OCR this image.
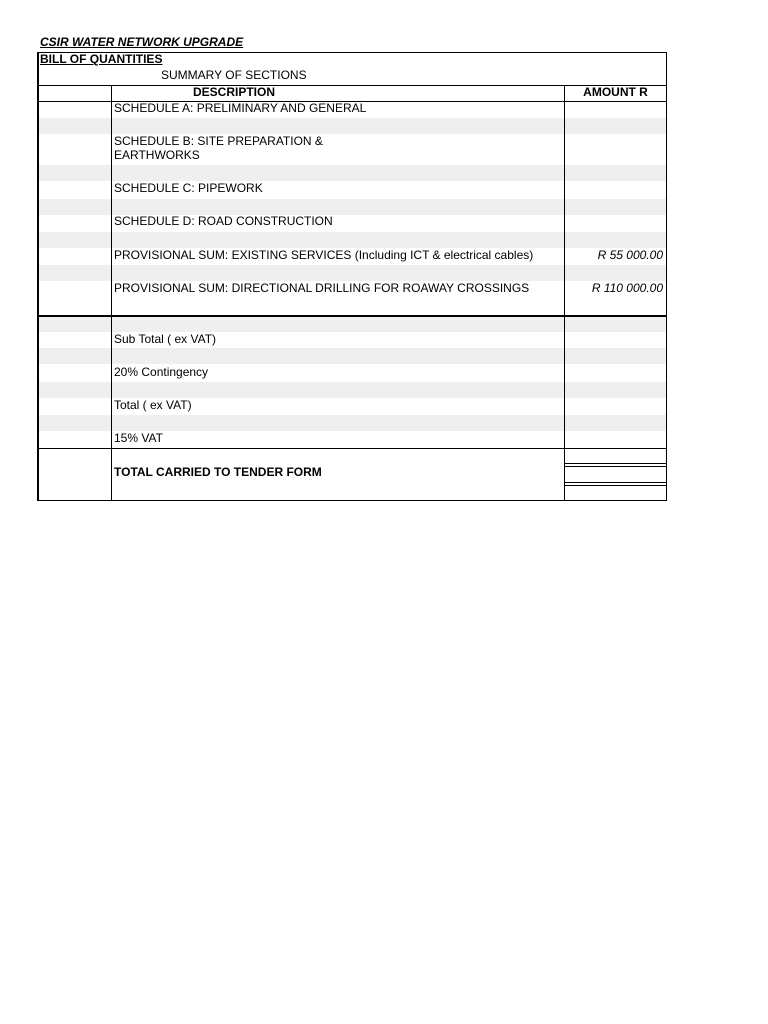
CSIR WATER NETWORK UPGRADE
BILL OF QUANTITIES
SUMMARY OF SECTIONS
DESCRIPTION	AMOUNT R
SCHEDULE A: PRELIMINARY AND GENERAL
SCHEDULE B: SITE PREPARATION &
EARTHWORKS
SCHEDULE C: PIPEWORK
SCHEDULE D: ROAD CONSTRUCTION
PROVISIONAL SUM: EXISTING SERVICES (Including ICT & electrical cables)	R 55 000.00
PROVISIONAL SUM: DIRECTIONAL DRILLING FOR ROAWAY CROSSINGS	R 110 000.00
Sub Total ( ex VAT)
20% Contingency
Total ( ex VAT)
15% VAT
TOTAL CARRIED TO TENDER FORM
